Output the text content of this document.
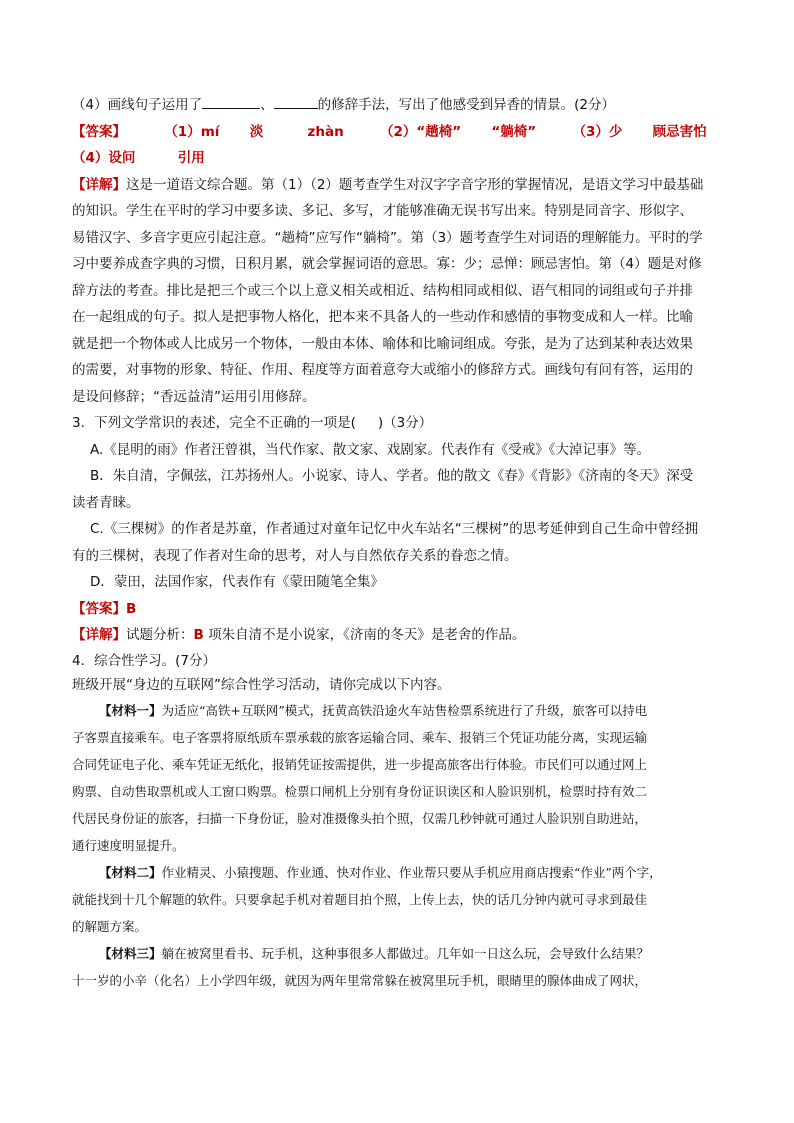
（4）画线句子运用了	、	的修辞手法，写出了他感受到异香的情景。(2分）
【答案】	（1）mí 淡	zhàn	（2）“趟椅” “躺椅”	（3）少 顾忌害怕
（4）设问	引用
【详解】这是一道语文综合题。第（1）（2）题考查学生对汉字字音字形的掌握情况，是语文学习中最基础
的知识。学生在平时的学习中要多读、多记、多写，才能够准确无误书写出来。特别是同音字、形似字、
易错汉字、多音字更应引起注意。“趟椅”应写作“躺椅”。第（3）题考查学生对词语的理解能力。平时的学
习中要养成查字典的习惯，日积月累，就会掌握词语的意思。寡：少；忌惮：顾忌害怕。第（4）题是对修
辞方法的考查。排比是把三个或三个以上意义相关或相近、结构相同或相似、语气相同的词组或句子并排
在一起组成的句子。拟人是把事物人格化，把本来不具备人的一些动作和感情的事物变成和人一样。比喻
就是把一个物体或人比成另一个物体，一般由本体、喻体和比喻词组成。夸张，是为了达到某种表达效果
的需要，对事物的形象、特征、作用、程度等方面着意夸大或缩小的修辞方式。画线句有问有答，运用的
是设问修辞；“香远益清”运用引用修辞。
3．下列文学常识的表述，完全不正确的一项是( )（3分）
A.《昆明的雨》作者汪曾祺，当代作家、散文家、戏剧家。代表作有《受戒》《大淖记事》等。
B．朱自清，字佩弦，江苏扬州人。小说家、诗人、学者。他的散文《春》《背影》《济南的冬天》深受
读者青睐。
C.《三棵树》的作者是苏童，作者通过对童年记忆中火车站名“三棵树”的思考延伸到自己生命中曾经拥
有的三棵树，表现了作者对生命的思考，对人与自然依存关系的眷恋之情。
D．蒙田，法国作家，代表作有《蒙田随笔全集》
【答案】B
【详解】试题分析：B 项朱自清不是小说家，《济南的冬天》是老舍的作品。
4．综合性学习。(7分）
班级开展“身边的互联网”综合性学习活动，请你完成以下内容。
【材料一】为适应“高铁+互联网”模式，抚黄高铁沿途火车站售检票系统进行了升级，旅客可以持电
子客票直接乘车。电子客票将原纸质车票承载的旅客运输合同、乘车、报销三个凭证功能分离，实现运输
合同凭证电子化、乘车凭证无纸化，报销凭证按需提供，进一步提高旅客出行体验。市民们可以通过网上
购票、自动售取票机或人工窗口购票。检票口闸机上分别有身份证识读区和人脸识别机，检票时持有效二
代居民身份证的旅客，扫描一下身份证，脸对准摄像头拍个照，仅需几秒钟就可通过人脸识别自助进站，
通行速度明显提升。
【材料二】作业精灵、小猿搜题、作业通、快对作业、作业帮只要从手机应用商店搜索“作业”两个字，
就能找到十几个解题的软件。只要拿起手机对着题目拍个照，上传上去，快的话几分钟内就可寻求到最佳
的解题方案。
【材料三】躺在被窝里看书、玩手机，这种事很多人都做过。几年如一日这么玩，会导致什么结果？
十一岁的小辛（化名）上小学四年级，就因为两年里常常躲在被窝里玩手机，眼睛里的腺体曲成了网状，
